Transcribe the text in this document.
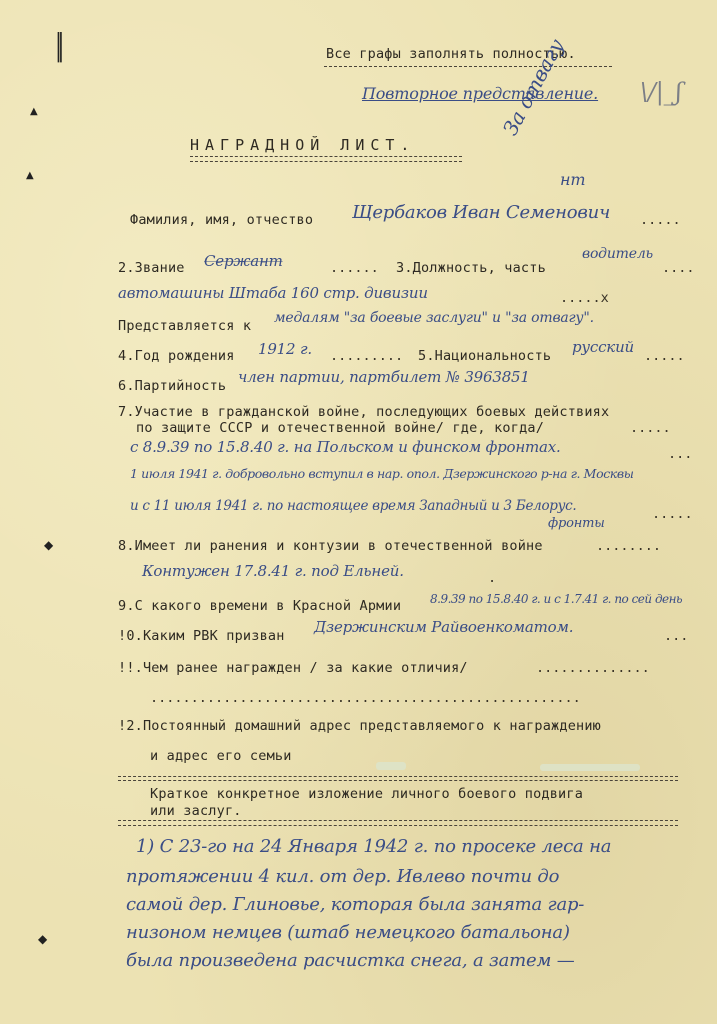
‖
▲
▲
◆
◆
Все графы заполнять полностью.
Повторное представление. \/|_ʃ
НАГРАДНОЙ ЛИСТ.
За отвагу
нт
Фамилия, имя, отчество Щербаков Иван Семенович .....
2.Звание Сержант	...... 3.Должность, часть
водитель
....
автомашины Штаба 160 стр. дивизии	.....x
Представляется к медалям "за боевые заслуги" и "за отвагу".
4.Год рождения 1912 г. ......... 5.Национальность русский .....
6.Партийность член партии, партбилет № 3963851
7.Участие в гражданской войне, последующих боевых действиях
по защите СССР и отечественной войне/ где, когда/	.....
с 8.9.39 по 15.8.40 г. на Польском и финском фронтах.	...
1 июля 1941 г. добровольно вступил в нар. опол. Дзержинского р-на г. Москвы
и с 11 июля 1941 г. по настоящее время Западный и 3 Белорус.	.....
фронты
8.Имеет ли ранения и контузии в отечественной войне	........
Контужен 17.8.41 г. под Ельней.	.
9.С какого времени в Красной Армии 8.9.39 по 15.8.40 г. и с 1.7.41 г. по сей день
!0.Каким РВК призван Дзержинским Райвоенкоматом.	...
!!.Чем ранее награжден / за какие отличия/	..............
.....................................................
!2.Постоянный домашний адрес представляемого к награждению
и адрес его семьи
Краткое конкретное изложение личного боевого подвига
или заслуг.
1) С 23-го на 24 Января 1942 г. по просеке леса на
протяжении 4 кил. от дер. Ивлево почти до
самой дер. Глиновье, которая была занята гар-
низоном немцев (штаб немецкого батальона)
была произведена расчистка снега, а затем —
